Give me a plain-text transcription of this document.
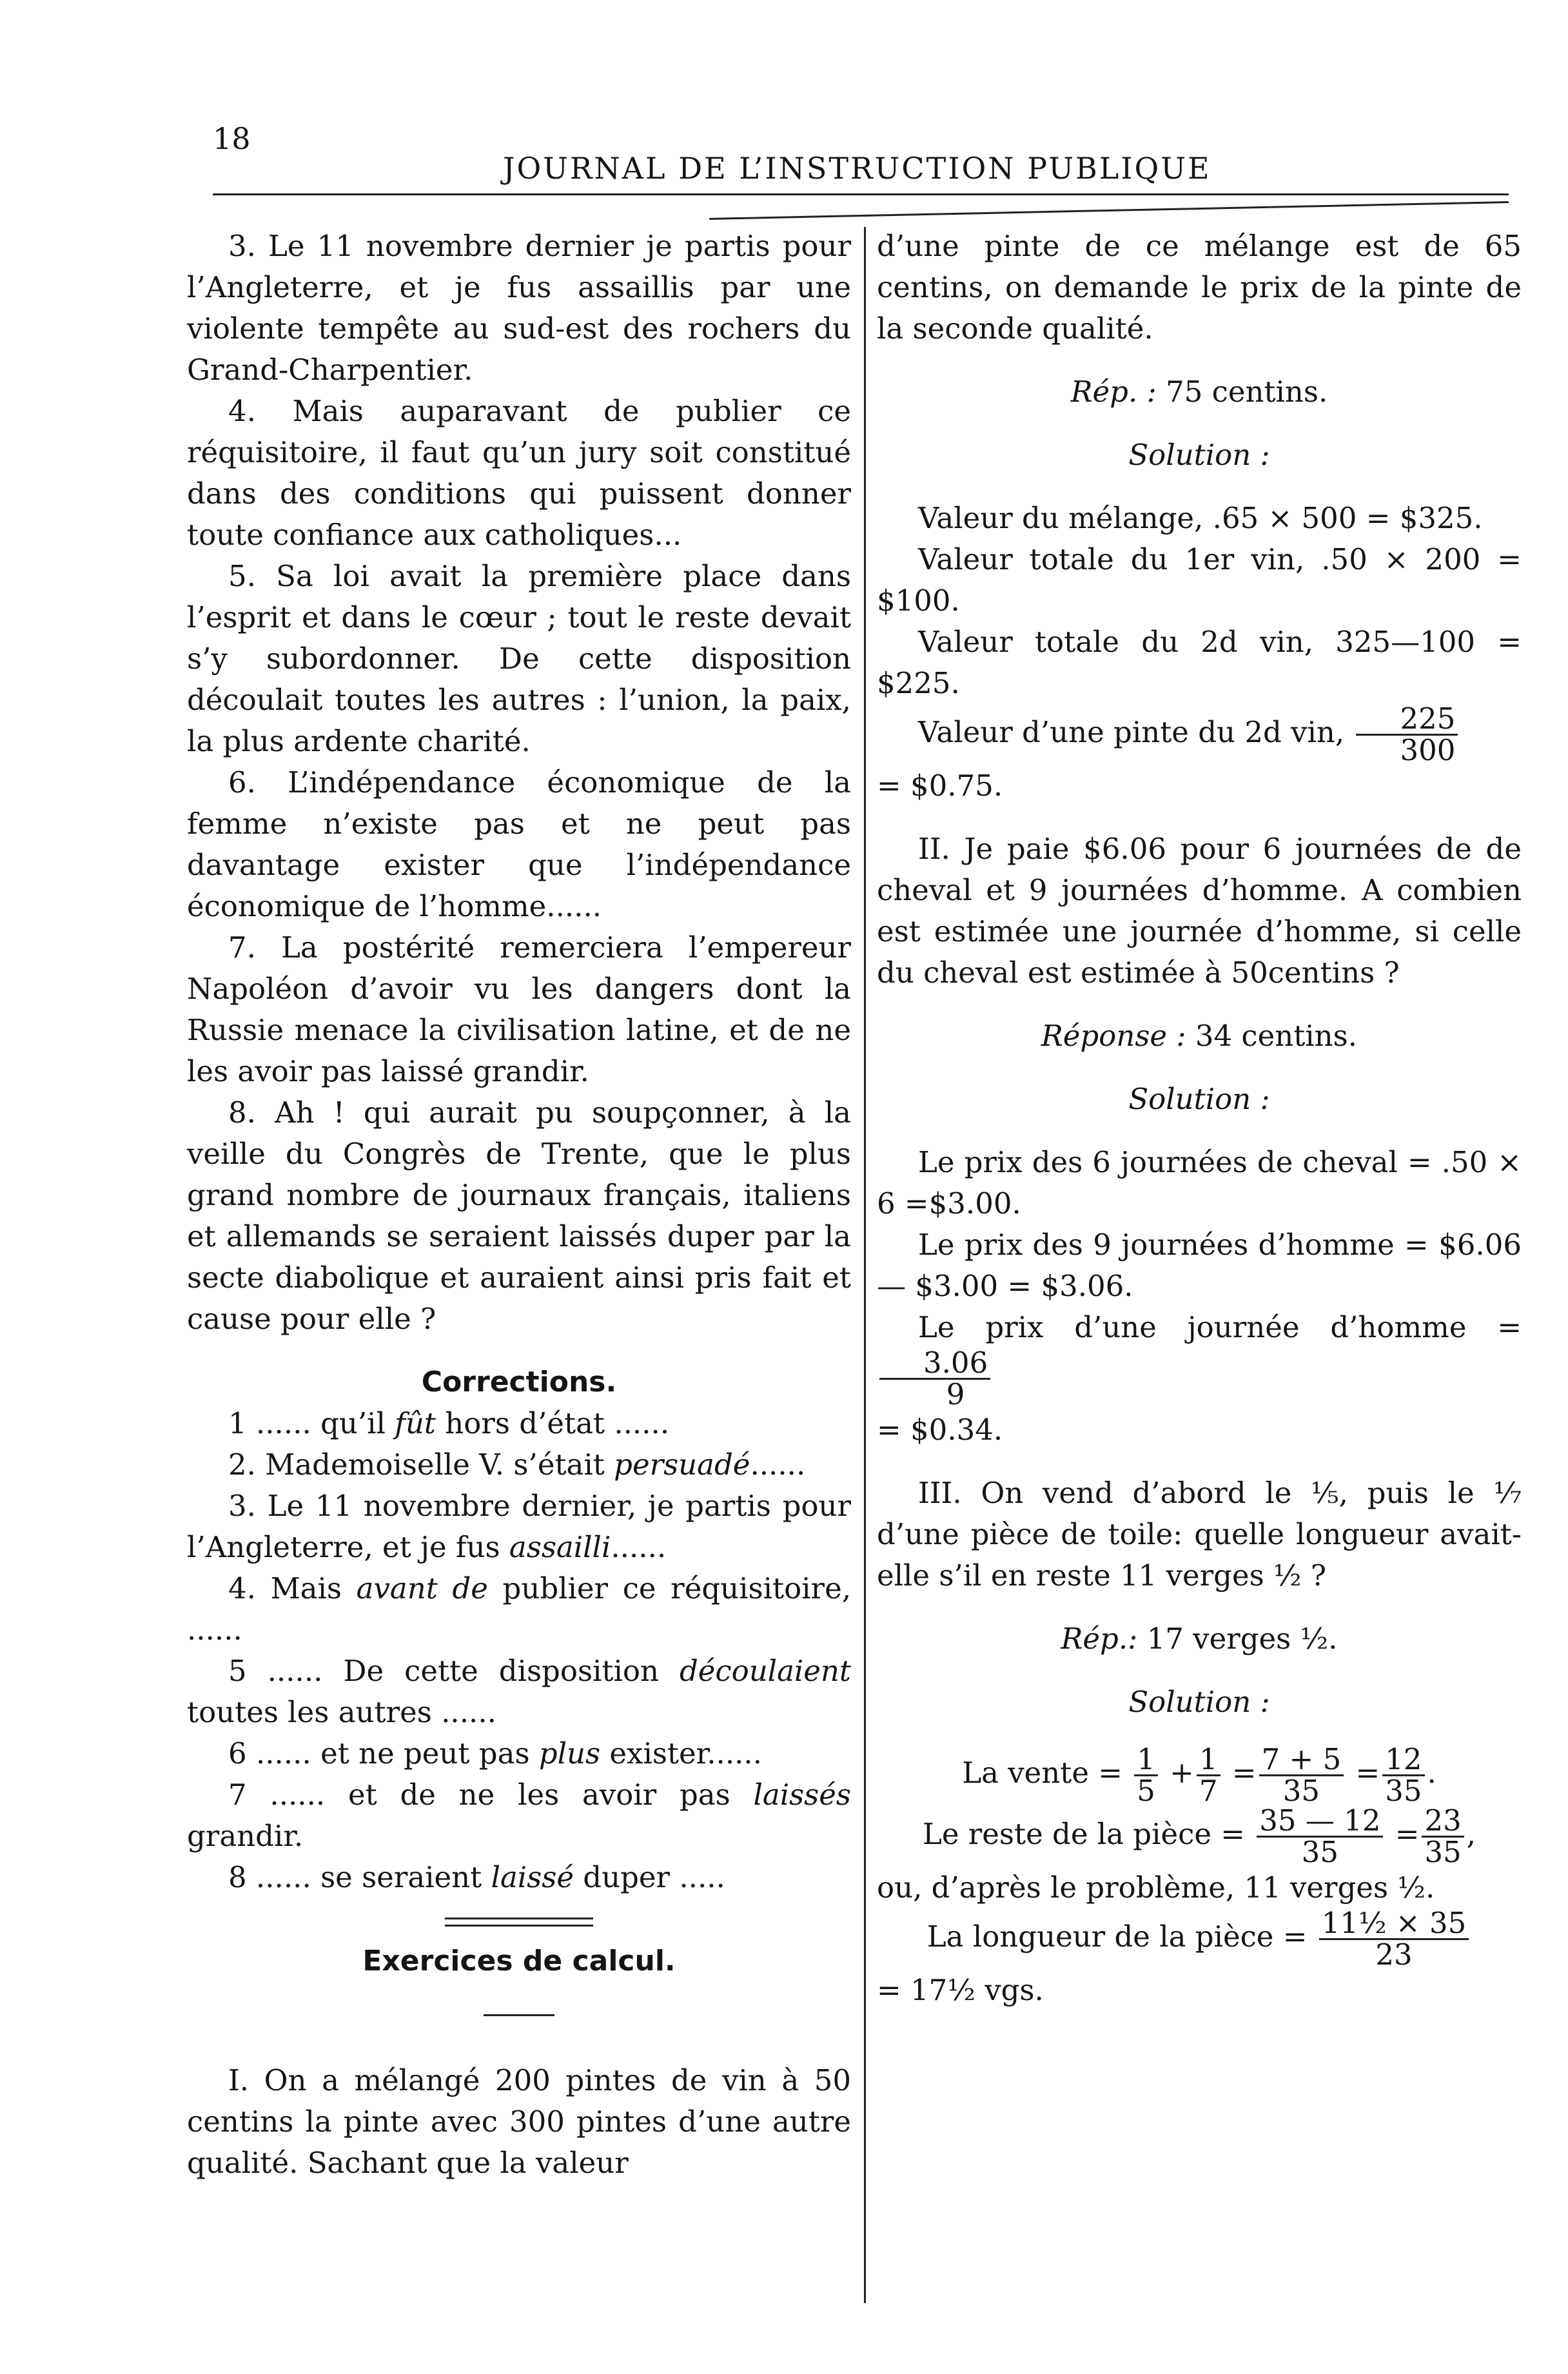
18
JOURNAL DE L’INSTRUCTION PUBLIQUE

3. Le 11 novembre dernier je partis pour l’Angleterre, et je fus assaillis par une violente tempête au sud-est des rochers du Grand-Charpentier.

4. Mais auparavant de publier ce réquisitoire, il faut qu’un jury soit constitué dans des conditions qui puissent donner toute confiance aux catholiques...

5. Sa loi avait la première place dans l’esprit et dans le cœur ; tout le reste devait s’y subordonner. De cette disposition découlait toutes les autres : l’union, la paix, la plus ardente charité.

6. L’indépendance économique de la femme n’existe pas et ne peut pas davantage exister que l’indépendance économique de l’homme......

7. La postérité remerciera l’empereur Napoléon d’avoir vu les dangers dont la Russie menace la civilisation latine, et de ne les avoir pas laissé grandir.

8. Ah ! qui aurait pu soupçonner, à la veille du Congrès de Trente, que le plus grand nombre de journaux français, italiens et allemands se seraient laissés duper par la secte diabolique et auraient ainsi pris fait et cause pour elle ?

Corrections.

1 ...... qu’il fût hors d’état ......

2. Mademoiselle V. s’était persuadé......

3. Le 11 novembre dernier, je partis pour l’Angleterre, et je fus assailli......

4. Mais avant de publier ce réquisitoire, ......

5 ...... De cette disposition découlaient toutes les autres ......

6 ...... et ne peut pas plus exister......

7 ...... et de ne les avoir pas laissés grandir.

8 ...... se seraient laissé duper .....

Exercices de calcul.

I. On a mélangé 200 pintes de vin à 50 centins la pinte avec 300 pintes d’une autre qualité. Sachant que la valeur

d’une pinte de ce mélange est de 65 centins, on demande le prix de la pinte de la seconde qualité.

Rép. : 75 centins.

Solution :

Valeur du mélange, .65 × 500 = $325.

Valeur totale du 1er vin, .50 × 200 = $100.

Valeur totale du 2d vin, 325—100 = $225.

Valeur d’une pinte du 2d vin, $\frac{225}{300}$

= $0.75.

II. Je paie $6.06 pour 6 journées de de cheval et 9 journées d’homme. A combien est estimée une journée d’homme, si celle du cheval est estimée à 50centins ?

Réponse : 34 centins.

Solution :

Le prix des 6 journées de cheval = .50 × 6 =$3.00.

Le prix des 9 journées d’homme = $6.06 — $3.00 = $3.06.

Le prix d’une journée d’homme =
$\frac{3.06}{9}$

= $0.34.

III. On vend d’abord le ⅕, puis le ⅐ d’une pièce de toile: quelle longueur avait-elle s’il en reste 11 verges ½ ?

Rép.: 17 verges ½.

Solution :

La vente = $\frac{1}{5} + \frac{1}{7} = \frac{7 + 5}{35} = \frac{12}{35}$ .

Le reste de la pièce = $\frac{35 — 12}{35} = \frac{23}{35}$ ,

ou, d’après le problème, 11 verges ½.

La longueur de la pièce = $\frac{\text{11½ × 35}}{23}$

= 17½ vgs.
